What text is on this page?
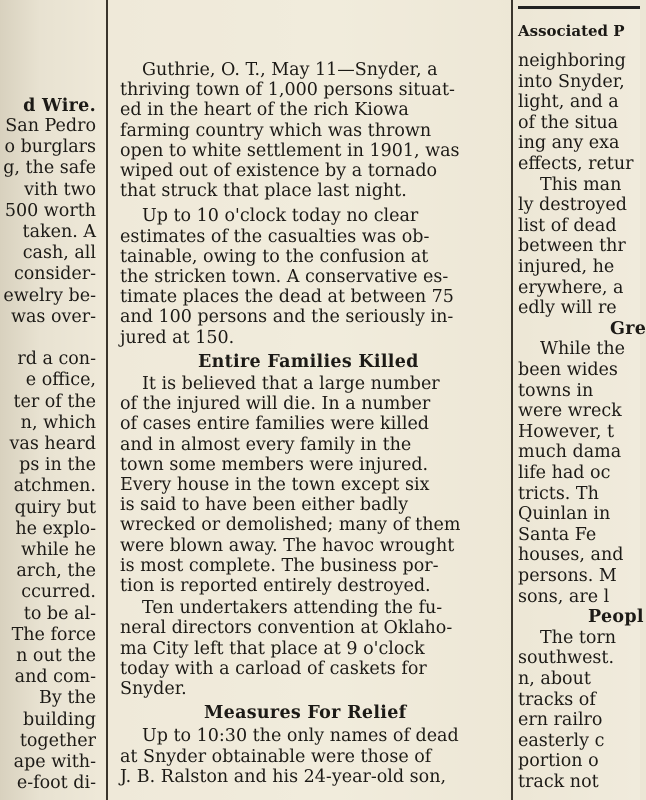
d Wire.
San Pedro
o burglars
g, the safe
vith two
500 worth
taken. A
cash, all
consider-
ewelry be-
was over-
rd a con-
e office,
ter of the
n, which
vas heard
ps in the
atchmen.
quiry but
he explo-
while he
arch, the
ccurred.
to be al-
The force
n out the
and com-
By the
building
together
ape with-
e-foot di-
Guthrie, O. T., May 11—Snyder, a
thriving town of 1,000 persons situat-
ed in the heart of the rich Kiowa
farming country which was thrown
open to white settlement in 1901, was
wiped out of existence by a tornado
that struck that place last night.
Up to 10 o'clock today no clear
estimates of the casualties was ob-
tainable, owing to the confusion at
the stricken town. A conservative es-
timate places the dead at between 75
and 100 persons and the seriously in-
jured at 150.
Entire Families Killed
It is believed that a large number
of the injured will die. In a number
of cases entire families were killed
and in almost every family in the
town some members were injured.
Every house in the town except six
is said to have been either badly
wrecked or demolished; many of them
were blown away. The havoc wrought
is most complete. The business por-
tion is reported entirely destroyed.
Ten undertakers attending the fu-
neral directors convention at Oklaho-
ma City left that place at 9 o'clock
today with a carload of caskets for
Snyder.
Measures For Relief
Up to 10:30 the only names of dead
at Snyder obtainable were those of
J. B. Ralston and his 24-year-old son,
Associated P
neighboring
into Snyder,
light, and a
of the situa
ing any exa
effects, retur
This man
ly destroyed
list of dead
between thr
injured, he
erywhere, a
edly will re
Gre
While the
been wides
towns in
were wreck
However, t
much dama
life had oc
tricts. Th
Quinlan in
Santa Fe
houses, and
persons. M
sons, are l
Peopl
The torn
southwest.
n, about
tracks of
ern railro
easterly c
portion o
track not
